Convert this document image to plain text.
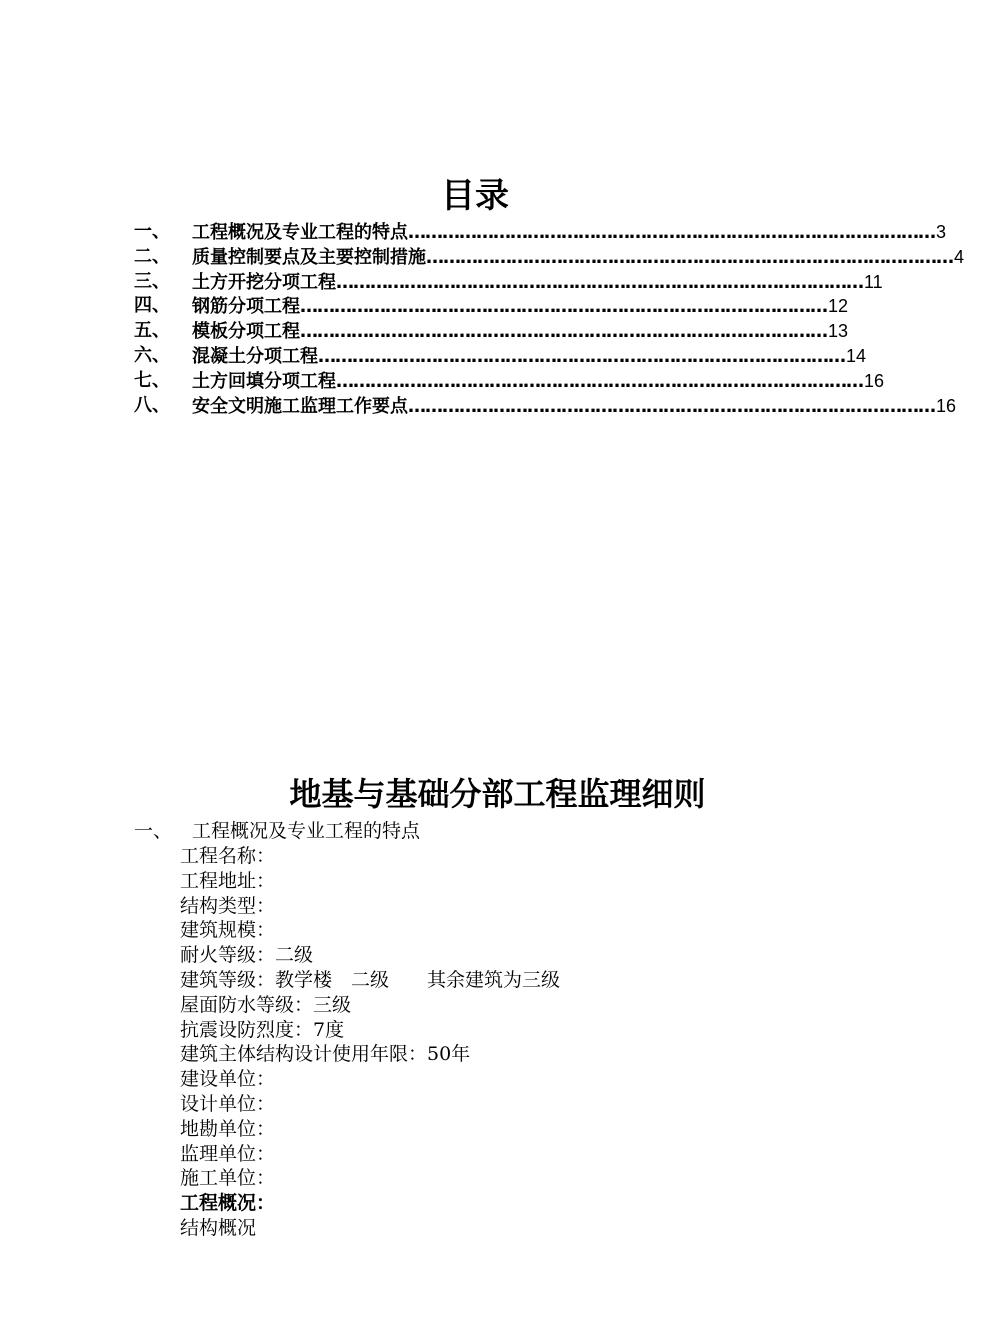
目录
一、	工程概况及专业工程的特点 ………………………………………………………………………………… 3
二、	质量控制要点及主要控制措施 ………………………………………………………………………………… 4
三、	土方开挖分项工程 ………………………………………………………………………………… 11
四、	钢筋分项工程 ………………………………………………………………………………… 12
五、	模板分项工程 ………………………………………………………………………………… 13
六、	混凝土分项工程 ………………………………………………………………………………… 14
七、	土方回填分项工程 ………………………………………………………………………………… 16
八、	安全文明施工监理工作要点 ………………………………………………………………………………… 16
地基与基础分部工程监理细则
一、 工程概况及专业工程的特点
工程名称：
工程地址：
结构类型：
建筑规模：
耐火等级：二级
建筑等级：教学楼　二级　　其余建筑为三级
屋面防水等级：三级
抗震设防烈度：7度
建筑主体结构设计使用年限：50年
建设单位：
设计单位：
地勘单位：
监理单位：
施工单位：
工程概况：
结构概况
